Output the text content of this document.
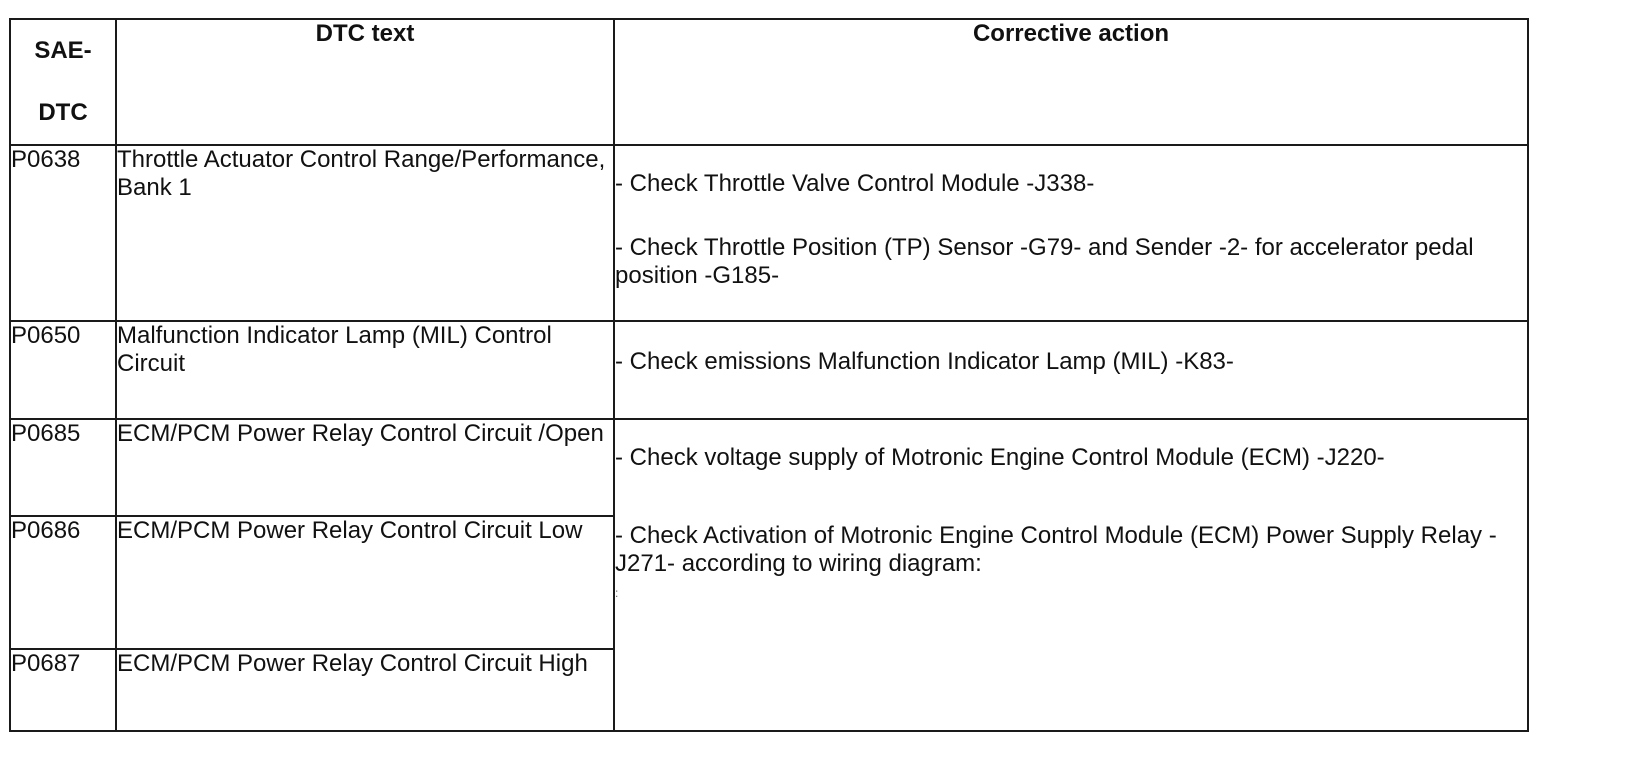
SAE-
DTC	DTC text	Corrective action
P0638	Throttle Actuator Control Range/Performance, Bank 1	- Check Throttle Valve Control Module -J338-
- Check Throttle Position (TP) Sensor -G79- and Sender -2- for accelerator pedal position -G185-

P0650	Malfunction Indicator Lamp (MIL) Control Circuit	- Check emissions Malfunction Indicator Lamp (MIL) -K83-

P0685	ECM/PCM Power Relay Control Circuit /Open	- Check voltage supply of Motronic Engine Control Module (ECM) -J220-
- Check Activation of Motronic Engine Control Module (ECM) Power Supply Relay -J271- according to wiring diagram:
:

P0686	ECM/PCM Power Relay Control Circuit Low	
P0687	ECM/PCM Power Relay Control Circuit High	
